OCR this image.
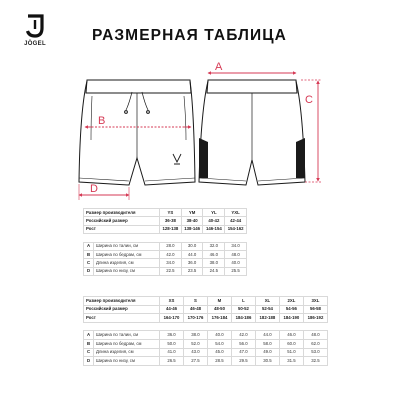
JÖGEL	РАЗМЕРНАЯ ТАБЛИЦА
A
B
C
D
Размер производителя		YS	YM	YL	YXL
Российский размер		36-38	38-40	40-42	42-44
Рост		128-138	138-146	146-154	154-162

A	Ширина по талии, см	28.0	30.0	32.0	34.0
B	Ширина по бедрам, см	42.0	44.0	46.0	48.0
C	Длина изделия, см	34.0	36.0	38.0	40.0
D	Ширина по низу, см	22.5	23.5	24.5	25.5
Размер производителя		XS	S	M	L	XL	2XL	3XL
Российский размер		44-46	46-48	48-50	50-52	52-54	54-56	56-58
Рост		164-170	170-176	176-184	184-186	182-188	184-190	186-192

A	Ширина по талии, см	36.0	38.0	40.0	42.0	44.0	46.0	48.0
B	Ширина по бедрам, см	50.0	52.0	54.0	56.0	58.0	60.0	62.0
C	Длина изделия, см	41.0	43.0	45.0	47.0	49.0	51.0	53.0
D	Ширина по низу, см	26.5	27.5	28.5	29.5	30.5	31.5	32.5
